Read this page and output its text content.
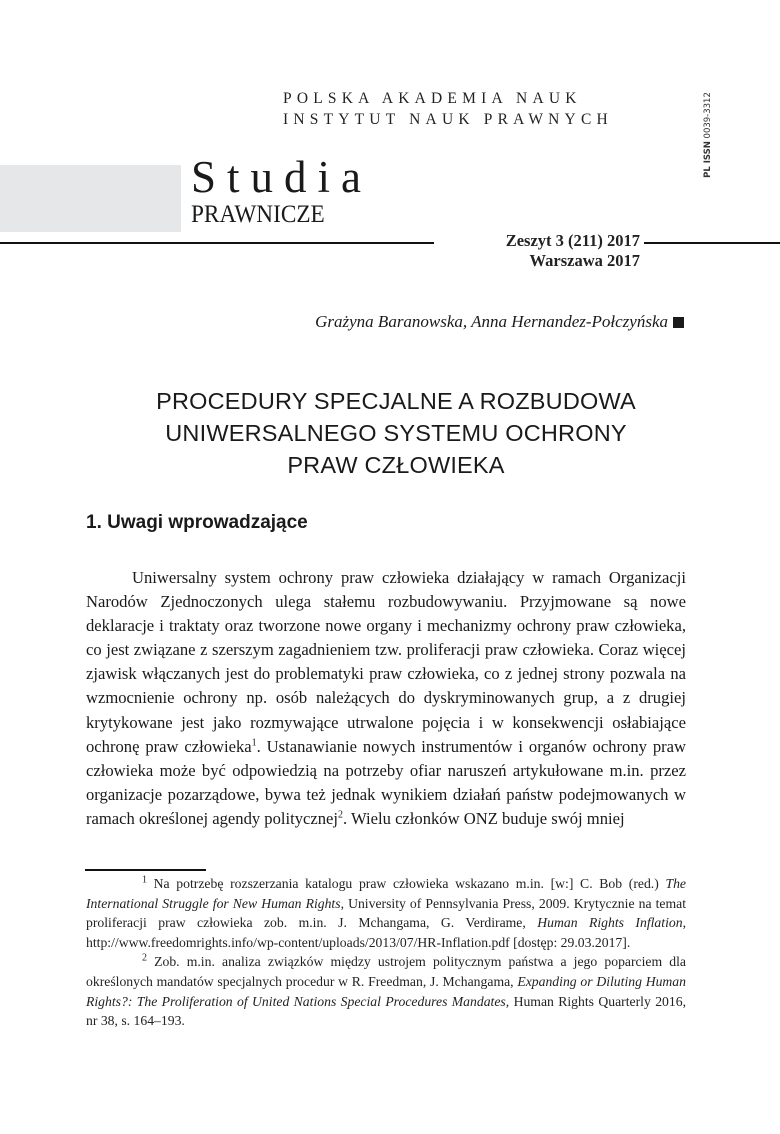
POLSKA AKADEMIA NAUK
INSTYTUT NAUK PRAWNYCH
PL ISSN 0039-3312
Studia
PRAWNICZE
Zeszyt 3 (211) 2017
Warszawa 2017
Grażyna Baranowska, Anna Hernandez-Połczyńska
PROCEDURY SPECJALNE A ROZBUDOWA
UNIWERSALNEGO SYSTEMU OCHRONY
PRAW CZŁOWIEKA
1. Uwagi wprowadzające

Uniwersalny system ochrony praw człowieka działający w ramach Organizacji Narodów Zjednoczonych ulega stałemu rozbudowywaniu. Przyjmowane są nowe deklaracje i traktaty oraz tworzone nowe organy i mechanizmy ochrony praw człowieka, co jest związane z szerszym zagadnieniem tzw. proliferacji praw człowieka. Coraz więcej zjawisk włączanych jest do problematyki praw człowieka, co z jednej strony pozwala na wzmocnienie ochrony np. osób należących do dyskryminowanych grup, a z drugiej krytykowane jest jako rozmywające utrwalone pojęcia i w konsekwencji osłabiające ochronę praw człowieka$^1$. Ustanawianie nowych instrumentów i organów ochrony praw człowieka może być odpowiedzią na potrzeby ofiar naruszeń artykułowane m.in. przez organizacje pozarządowe, bywa też jednak wynikiem działań państw podejmowanych w ramach określonej agendy politycznej$^2$. Wielu członków ONZ buduje swój mniej

$^1$ Na potrzebę rozszerzania katalogu praw człowieka wskazano m.in. [w:] C. Bob (red.) The International Struggle for New Human Rights, University of Pennsylvania Press, 2009. Krytycznie na temat proliferacji praw człowieka zob. m.in. J. Mchangama, G. Verdirame, Human Rights Inflation, http://www.freedomrights.info/wp-content/uploads/2013/07/HR-Inflation.pdf [dostęp: 29.03.2017].

$^2$ Zob. m.in. analiza związków między ustrojem politycznym państwa a jego poparciem dla określonych mandatów specjalnych procedur w R. Freedman, J. Mchangama, Expanding or Diluting Human Rights?: The Proliferation of United Nations Special Procedures Mandates, Human Rights Quarterly 2016, nr 38, s. 164–193.
